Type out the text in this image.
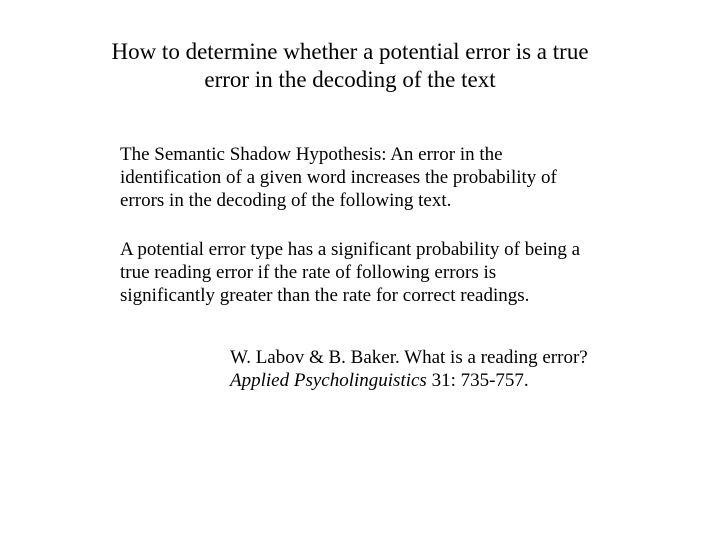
How to determine whether a potential error is a true
error in the decoding of the text
The Semantic Shadow Hypothesis: An error in the
identification of a given word increases the probability of
errors in the decoding of the following text.
A potential error type has a significant probability of being a
true reading error if the rate of following errors is
significantly greater than the rate for correct readings.
W. Labov & B. Baker. What is a reading error?
Applied Psycholinguistics 31: 735-757.
